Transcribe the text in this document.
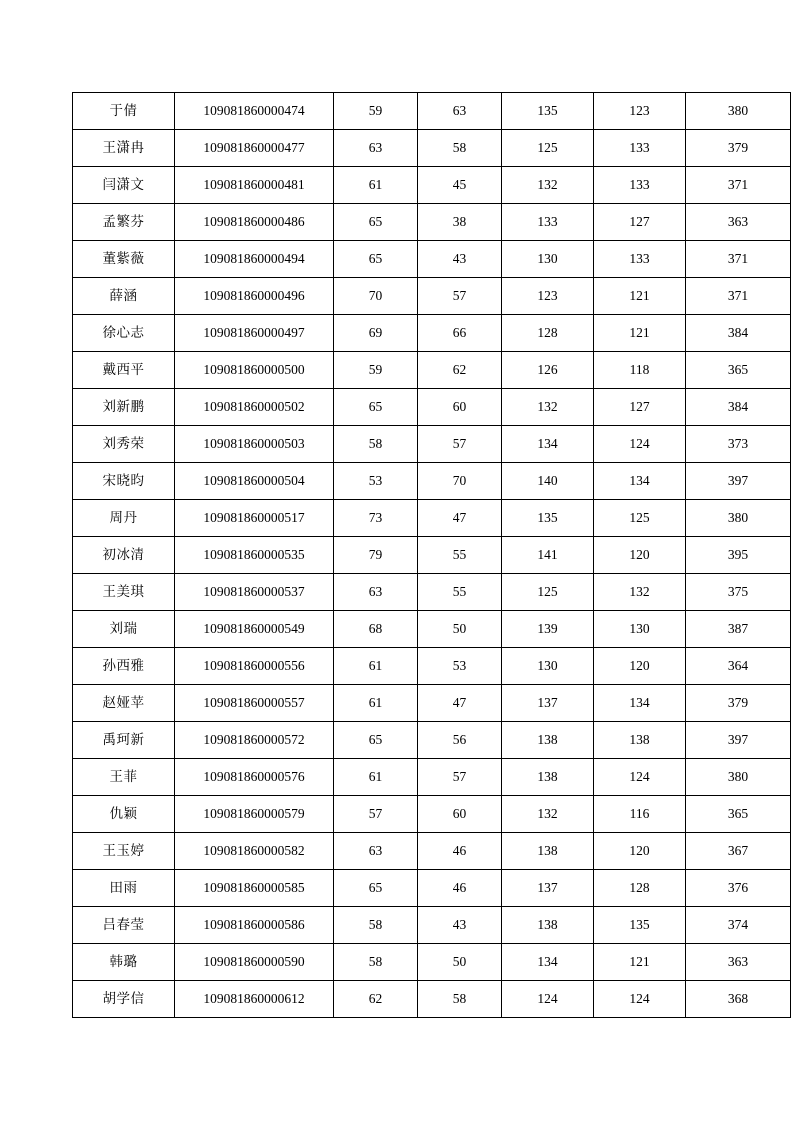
于倩	109081860000474	59	63	135	123	380
王潇冉	109081860000477	63	58	125	133	379
闫潇文	109081860000481	61	45	132	133	371
孟繁芬	109081860000486	65	38	133	127	363
董紫薇	109081860000494	65	43	130	133	371
薛涵	109081860000496	70	57	123	121	371
徐心志	109081860000497	69	66	128	121	384
戴西平	109081860000500	59	62	126	118	365
刘新鹏	109081860000502	65	60	132	127	384
刘秀荣	109081860000503	58	57	134	124	373
宋晓昀	109081860000504	53	70	140	134	397
周丹	109081860000517	73	47	135	125	380
初冰清	109081860000535	79	55	141	120	395
王美琪	109081860000537	63	55	125	132	375
刘瑞	109081860000549	68	50	139	130	387
孙西雅	109081860000556	61	53	130	120	364
赵娅苹	109081860000557	61	47	137	134	379
禹珂新	109081860000572	65	56	138	138	397
王菲	109081860000576	61	57	138	124	380
仇颖	109081860000579	57	60	132	116	365
王玉婷	109081860000582	63	46	138	120	367
田雨	109081860000585	65	46	137	128	376
吕春莹	109081860000586	58	43	138	135	374
韩璐	109081860000590	58	50	134	121	363
胡学信	109081860000612	62	58	124	124	368
